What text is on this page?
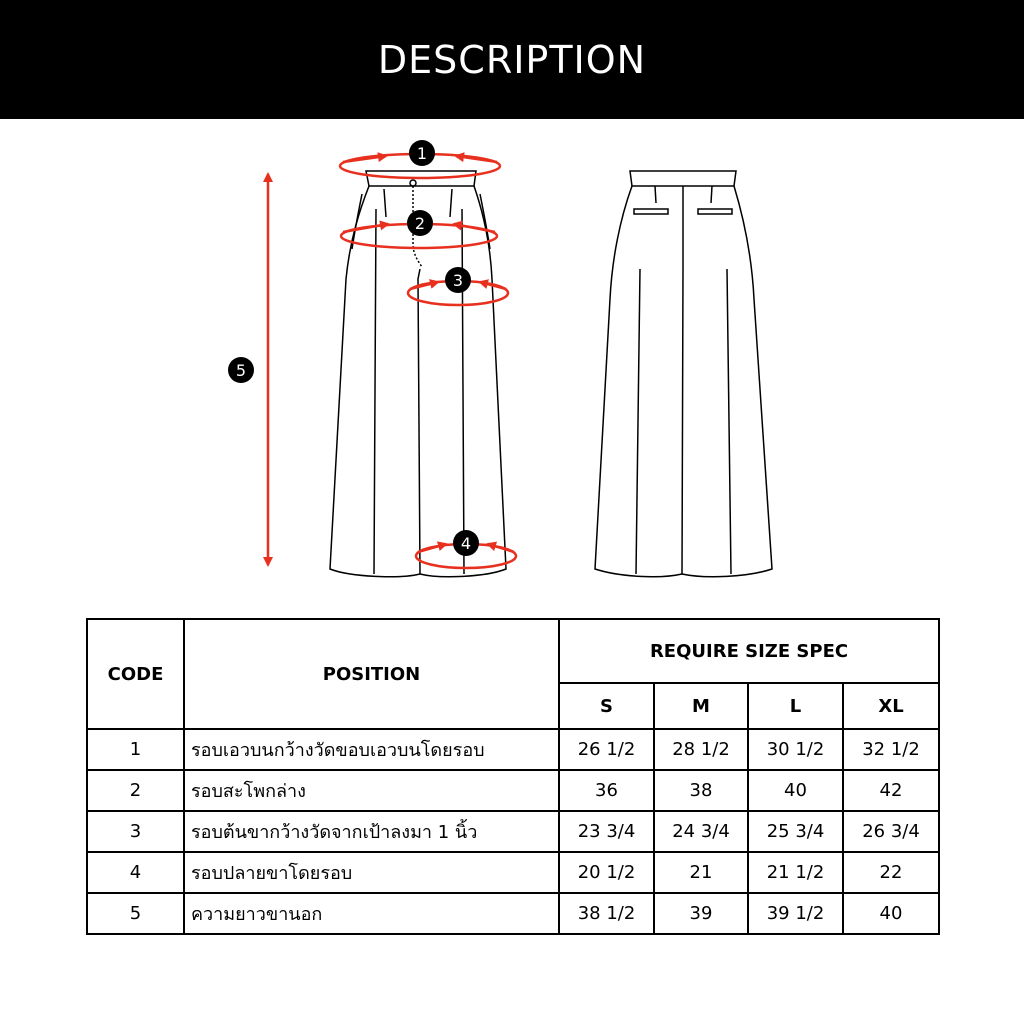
DESCRIPTION
1
2
3
4
5
CODE	POSITION	REQUIRE SIZE SPEC			
		S	M	L	XL
1	รอบเอวบนกว้างวัดขอบเอวบนโดยรอบ	26 1/2	28 1/2	30 1/2	32 1/2
2	รอบสะโพกล่าง	36	38	40	42
3	รอบต้นขากว้างวัดจากเป้าลงมา 1 นิ้ว	23 3/4	24 3/4	25 3/4	26 3/4
4	รอบปลายขาโดยรอบ	20 1/2	21	21 1/2	22
5	ความยาวขานอก	38 1/2	39	39 1/2	40
